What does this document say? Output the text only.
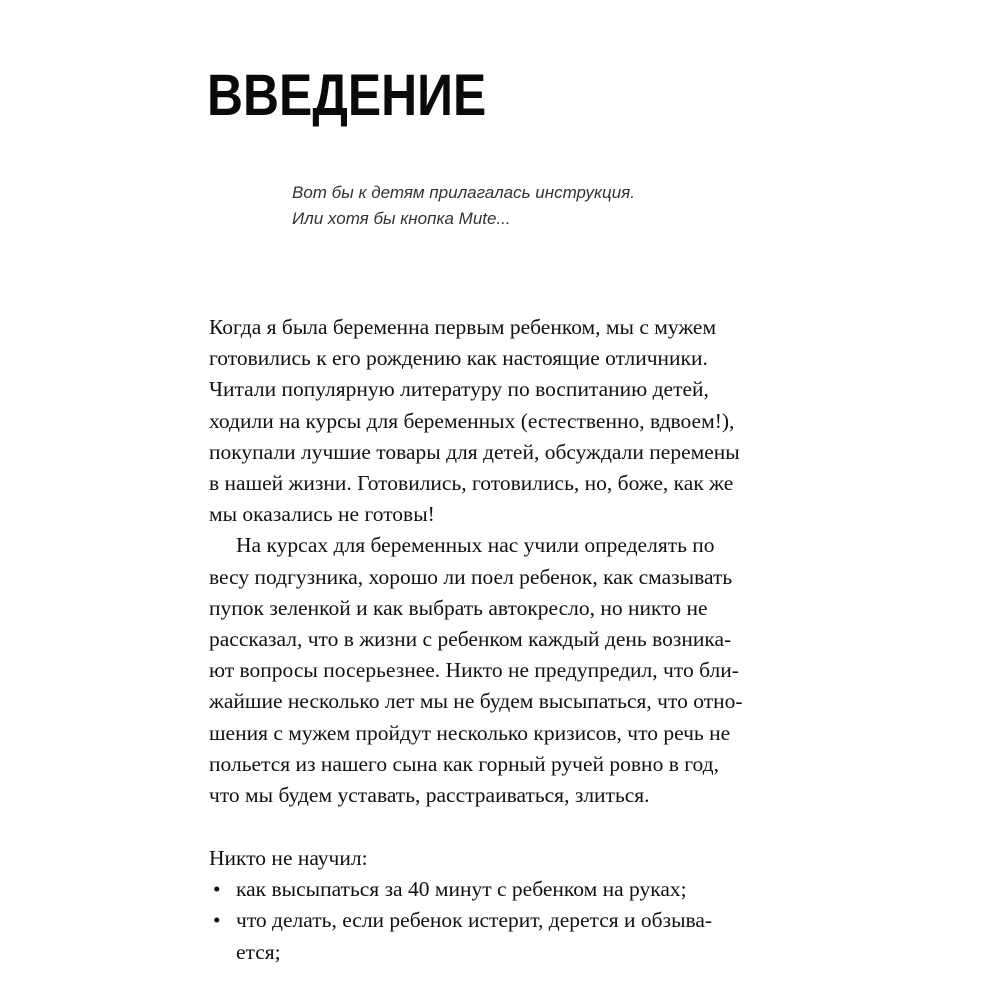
ВВЕДЕНИЕ
Вот бы к детям прилагалась инструкция.
Или хотя бы кнопка Mute...
Когда я была беременна первым ребенком, мы с мужем
готовились к его рождению как настоящие отличники.
Читали популярную литературу по воспитанию детей,
ходили на курсы для беременных (естественно, вдвоем!),
покупали лучшие товары для детей, обсуждали перемены
в нашей жизни. Готовились, готовились, но, боже, как же
мы оказались не готовы!
На курсах для беременных нас учили определять по
весу подгузника, хорошо ли поел ребенок, как смазывать
пупок зеленкой и как выбрать автокресло, но никто не
рассказал, что в жизни с ребенком каждый день возника-
ют вопросы посерьезнее. Никто не предупредил, что бли-
жайшие несколько лет мы не будем высыпаться, что отно-
шения с мужем пройдут несколько кризисов, что речь не
польется из нашего сына как горный ручей ровно в год,
что мы будем уставать, расстраиваться, злиться.
Никто не научил:
• как высыпаться за 40 минут с ребенком на руках;
• что делать, если ребенок истерит, дерется и обзыва-
ется;
